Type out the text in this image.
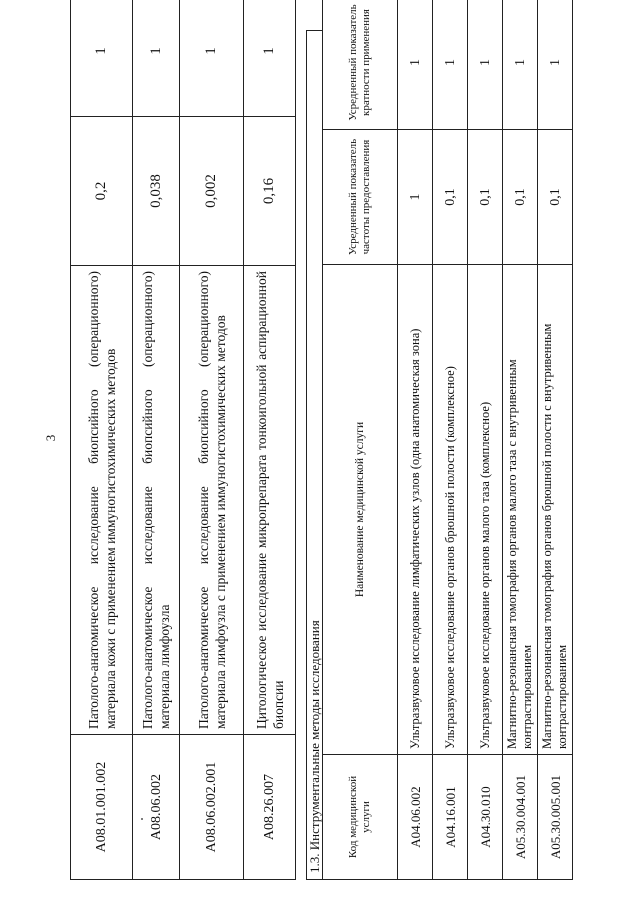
3
A08.01.001.002	Патолого-анатомическое исследование биопсийного (операционного) материала кожи с применением иммуногистохимических методов	0,2	1
A08.06.002	Патолого-анатомическое исследование биопсийного (операционного) материала лимфоузла	0,038	1
A08.06.002.001	Патолого-анатомическое исследование биопсийного (операционного) материала лимфоузла с применением иммуногистохимических методов	0,002	1
A08.26.007	Цитологическое исследование микропрепарата тонкоигольной аспирационной биопсии	0,16	1
1.3. Инструментальные методы исследования Код медицинской услуги	Наименование медицинской услуги	Усредненный показатель частоты предоставления	Усредненный показатель кратности применения
A04.06.002	Ультразвуковое исследование лимфатических узлов (одна анатомическая зона)	1	1
A04.16.001	Ультразвуковое исследование органов брюшной полости (комплексное)	0,1	1
A04.30.010	Ультразвуковое исследование органов малого таза (комплексное)	0,1	1
A05.30.004.001	Магнитно-резонансная томография органов малого таза с внутривенным контрастированием	0,1	1
A05.30.005.001	Магнитно-резонансная томография органов брюшной полости с внутривенным контрастированием	0,1	1
